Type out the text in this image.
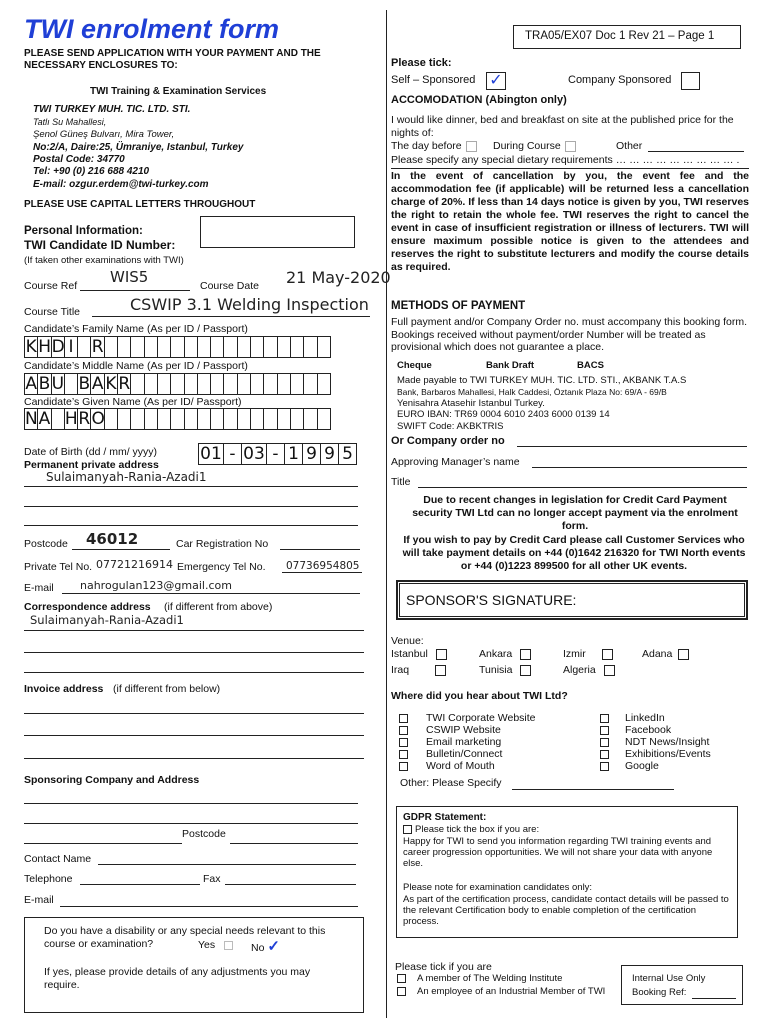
TWI enrolment form
PLEASE SEND APPLICATION WITH YOUR PAYMENT AND THE NECESSARY ENCLOSURES TO:
TWI Training & Examination Services
TWI TURKEY MUH. TIC. LTD. STI.
Tatlı Su Mahallesi,
Şenol Güneş Bulvarı, Mira Tower,
No:2/A, Daire:25, Ümraniye, Istanbul, Turkey
Postal Code: 34770
Tel: +90 (0) 216 688 4210
E-mail: ozgur.erdem@twi-turkey.com
PLEASE USE CAPITAL LETTERS THROUGHOUT
Personal Information:
TWI Candidate ID Number:
(If taken other examinations with TWI)
Course Ref WIS5	Course Date 21 May-2020
Course Title	CSWIP 3.1 Welding Inspection
Candidate’s Family Name (As per ID / Passport)
K H D I R
Candidate’s Middle Name (As per ID / Passport)
A B U B A K R
Candidate’s Given Name (As per ID/ Passport)
N A H R O
Date of Birth (dd / mm/ yyyy)	01 - 03 - 1 9 9 5
Permanent private address
Sulaimanyah-Rania-Azadi1
Postcode 46012	Car Registration No
Private Tel No. 07721216914 Emergency Tel No. 07736954805
E-mail nahrogulan123@gmail.com
Correspondence address (if different from above)
Sulaimanyah-Rania-Azadi1
Invoice address (if different from below)
Sponsoring Company and Address
Postcode
Contact Name
Telephone	Fax
E-mail
Do you have a disability or any special needs relevant to this course or examination?	Yes	No ✓
If yes, please provide details of any adjustments you may require.
TRA05/EX07 Doc 1 Rev 21 – Page 1
Please tick:
Self – Sponsored ✓	Company Sponsored
ACCOMODATION (Abington only)
I would like dinner, bed and breakfast on site at the published price for the nights of:
The day before	During Course	Other
Please specify any special dietary requirements … … … … … … … … … .
In the event of cancellation by you, the event fee and the accommodation fee (if applicable) will be returned less a cancellation charge of 20%. If less than 14 days notice is given by you, TWI reserves the right to retain the whole fee. TWI reserves the right to cancel the event in case of insufficient registration or illness of lecturers. TWI will ensure maximum possible notice is given to the attendees and reserves the right to substitute lecturers and modify the course details as required.
METHODS OF PAYMENT
Full payment and/or Company Order no. must accompany this booking form. Bookings received without payment/order Number will be treated as provisional which does not guarantee a place.
Cheque	Bank Draft	BACS
Made payable to TWI TURKEY MUH. TIC. LTD. STI., AKBANK T.A.S
Bank, Barbaros Mahallesi, Halk Caddesi, Öztanık Plaza No: 69/A - 69/B
Yenisahra Atasehir Istanbul Turkey.
EURO IBAN: TR69 0004 6010 2403 6000 0139 14
SWIFT Code: AKBKTRIS
Or Company order no
Approving Manager’s name
Title
Due to recent changes in legislation for Credit Card Payment security TWI Ltd can no longer accept payment via the enrolment form.
If you wish to pay by Credit Card please call Customer Services who will take payment details on +44 (0)1642 216320 for TWI North events or +44 (0)1223 899500 for all other UK events.
SPONSOR'S SIGNATURE:
Venue:
Istanbul	Ankara	Izmir	Adana
Iraq	Tunisia	Algeria
Where did you hear about TWI Ltd?
TWI Corporate Website
CSWIP Website
Email marketing
Bulletin/Connect
Word of Mouth
LinkedIn
Facebook
NDT News/Insight
Exhibitions/Events
Google
Other: Please Specify
GDPR Statement:
Please tick the box if you are:
Happy for TWI to send you information regarding TWI training events and career progression opportunities. We will not share your data with anyone else.
Please note for examination candidates only:
As part of the certification process, candidate contact details will be passed to the relevant Certification body to enable completion of the certification process.
Please tick if you are
A member of The Welding Institute
An employee of an Industrial Member of TWI
Internal Use Only
Booking Ref:
